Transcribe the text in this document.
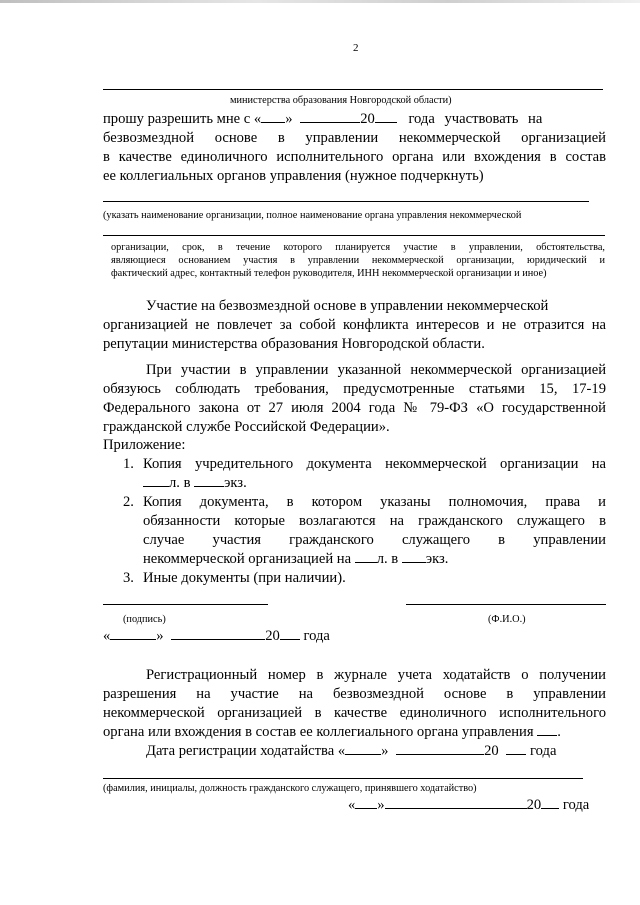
2
министерства образования Новгородской области)
прошу разрешить мне с « »	20 года участвовать на
безвозмездной основе в управлении некоммерческой организацией
в качестве единоличного исполнительного органа или вхождения в состав
ее коллегиальных органов управления (нужное подчеркнуть)
(указать наименование организации, полное наименование органа управления некоммерческой
организации, срок, в течение которого планируется участие в управлении, обстоятельства,
являющиеся основанием участия в управлении некоммерческой организации, юридический и
фактический адрес, контактный телефон руководителя, ИНН некоммерческой организации и иное)
Участие на безвозмездной основе в управлении некоммерческой
организацией не повлечет за собой конфликта интересов и не отразится на
репутации министерства образования Новгородской области.
При участии в управлении указанной некоммерческой организацией
обязуюсь соблюдать требования, предусмотренные статьями 15, 17-19
Федерального закона от 27 июля 2004 года № 79-ФЗ «О государственной
гражданской службе Российской Федерации».
Приложение:
1. Копия учредительного документа некоммерческой организации на
л. в экз.
2. Копия документа, в котором указаны полномочия, права и
обязанности которые возлагаются на гражданского служащего в
случае участия гражданского служащего в управлении
некоммерческой организацией на л. в экз.
3. Иные документы (при наличии).
(подпись)	(Ф.И.О.)
«	»	20 года
Регистрационный номер в журнале учета ходатайств о получении
разрешения на участие на безвозмездной основе в управлении
некоммерческой организацией в качестве единоличного исполнительного
органа или вхождения в состав ее коллегиального органа управления .
Дата регистрации ходатайства « »	20 года
(фамилия, инициалы, должность гражданского служащего, принявшего ходатайство)
« »	20 года
